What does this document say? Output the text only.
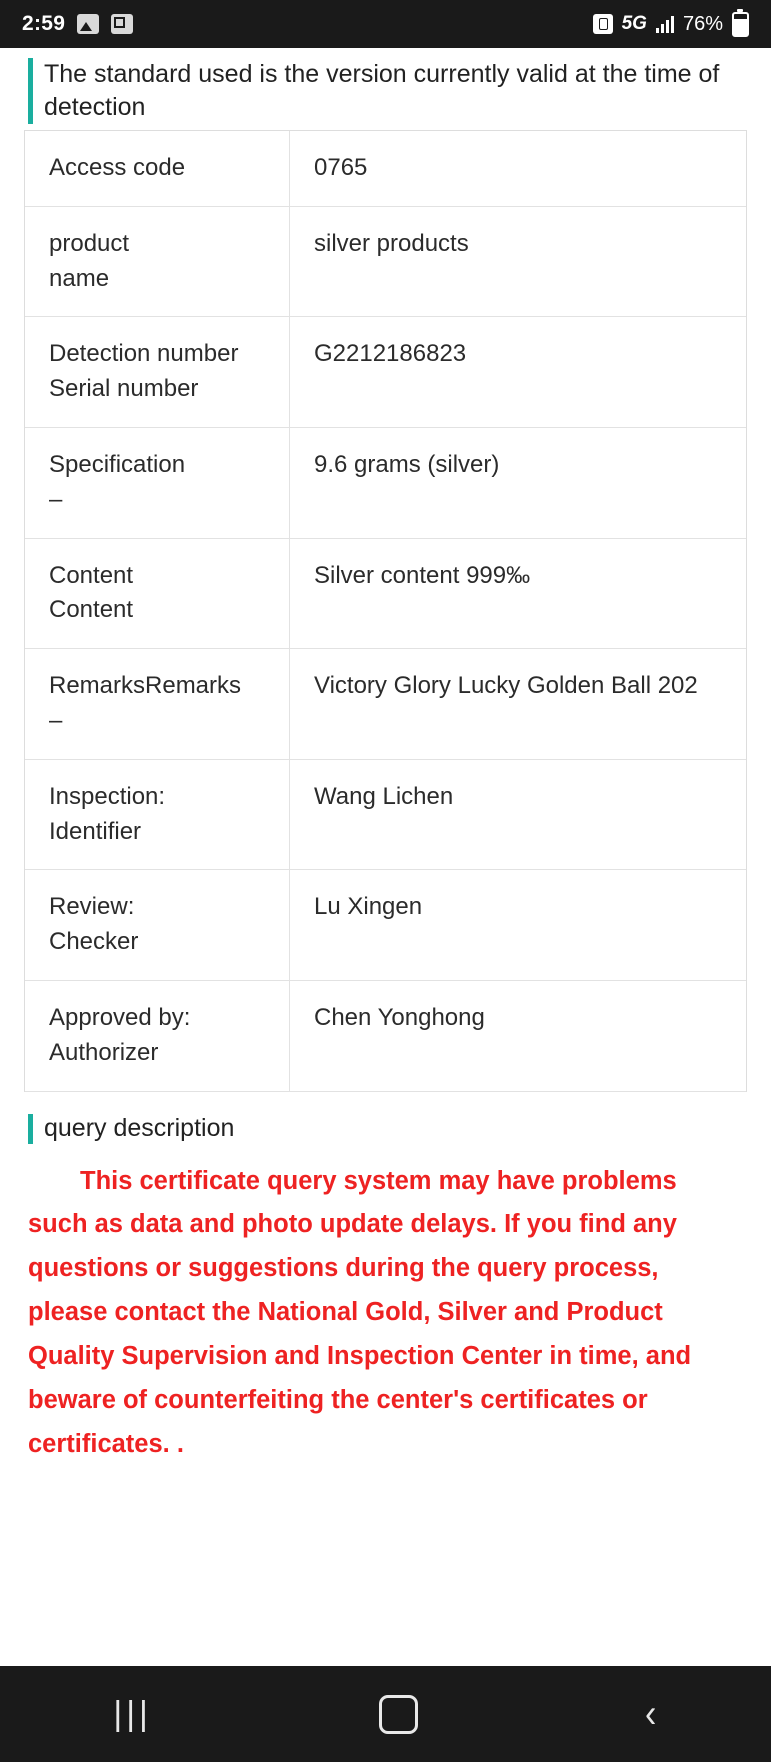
2:59	5G 76%
The standard used is the version currently valid at the time of detection
Access code	0765
product
name	silver products
Detection number
Serial number	G2212186823
Specification
–	9.6 grams (silver)
Content
Content	Silver content 999‰
RemarksRemarks
–	Victory Glory Lucky Golden Ball 202
Inspection:
Identifier	Wang Lichen
Review:
Checker	Lu Xingen
Approved by:
Authorizer	Chen Yonghong
query description
This certificate query system may have problems such as data and photo update delays. If you find any questions or suggestions during the query process, please contact the National Gold, Silver and Product Quality Supervision and Inspection Center in time, and beware of counterfeiting the center's certificates or certificates. .
|||	‹
